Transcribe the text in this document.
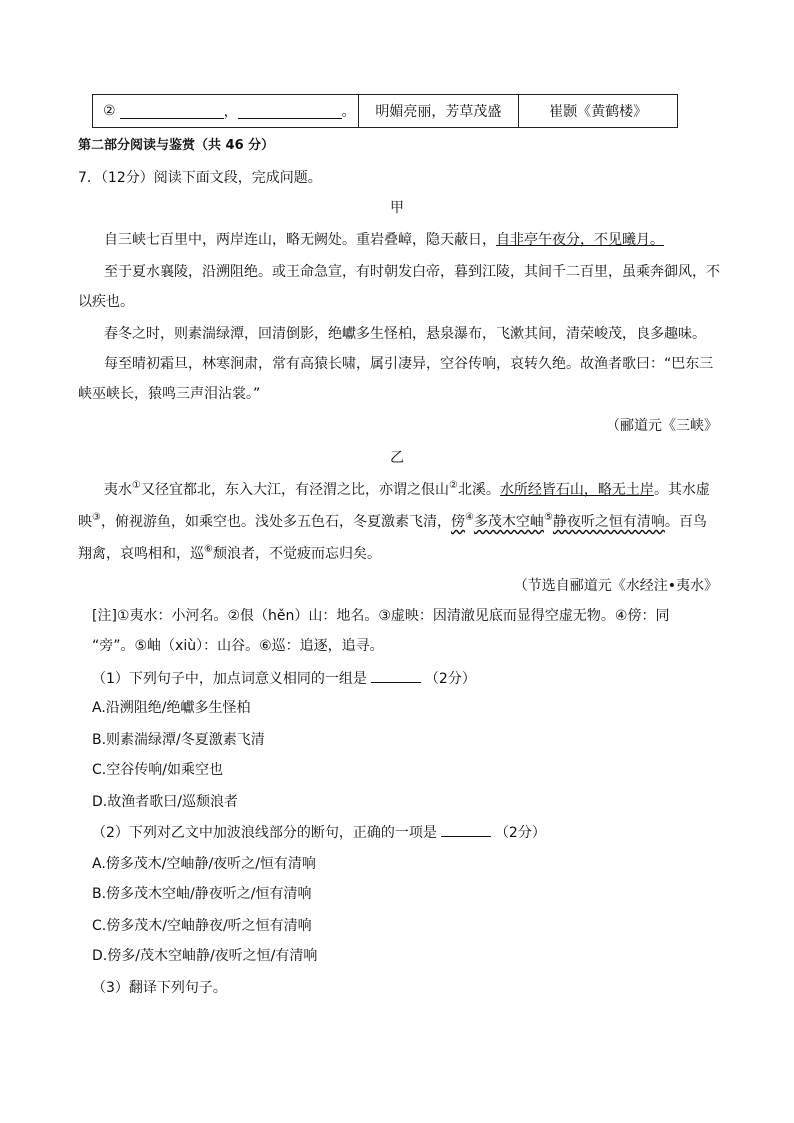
②	，	。	明媚亮丽，芳草茂盛	崔颢《黄鹤楼》
第二部分阅读与鉴赏（共 46 分）
7．（12分）阅读下面文段，完成问题。
甲
自三峡七百里中，两岸连山，略无阙处。重岩叠嶂，隐天蔽日，自非亭午夜分，不见曦月。
至于夏水襄陵，沿溯阻绝。或王命急宣，有时朝发白帝，暮到江陵，其间千二百里，虽乘奔御风，不
以疾也。
春冬之时，则素湍绿潭，回清倒影，绝巘多生怪柏，悬泉瀑布，飞漱其间，清荣峻茂，良多趣味。
每至晴初霜旦，林寒涧肃，常有高猿长啸，属引凄异，空谷传响，哀转久绝。故渔者歌曰：“巴东三
峡巫峡长，猿鸣三声泪沾裳。”
（郦道元《三峡》
乙
夷水①又径宜都北，东入大江，有泾渭之比，亦谓之佷山②北溪。水所经皆石山，略无土岸。其水虚
映③，俯视游鱼，如乘空也。浅处多五色石，冬夏激素飞清，傍④多茂木空岫⑤静夜听之恒有清响。百鸟
翔禽，哀鸣相和，巡⑥颓浪者，不觉疲而忘归矣。
（节选自郦道元《水经注•夷水》
[注]①夷水：小河名。②佷（hěn）山：地名。③虚映：因清澈见底而显得空虚无物。④傍：同
“旁”。⑤岫（xiù）：山谷。⑥巡：追逐，追寻。
（1）下列句子中，加点词意义相同的一组是	（2分）
A.沿溯阻绝/绝巘多生怪柏
B.则素湍绿潭/冬夏激素飞清
C.空谷传响/如乘空也
D.故渔者歌曰/巡颓浪者
（2）下列对乙文中加波浪线部分的断句，正确的一项是	（2分）
A.傍多茂木/空岫静/夜听之/恒有清响
B.傍多茂木空岫/静夜听之/恒有清响
C.傍多茂木/空岫静夜/听之恒有清响
D.傍多/茂木空岫静/夜听之恒/有清响
（3）翻译下列句子。
